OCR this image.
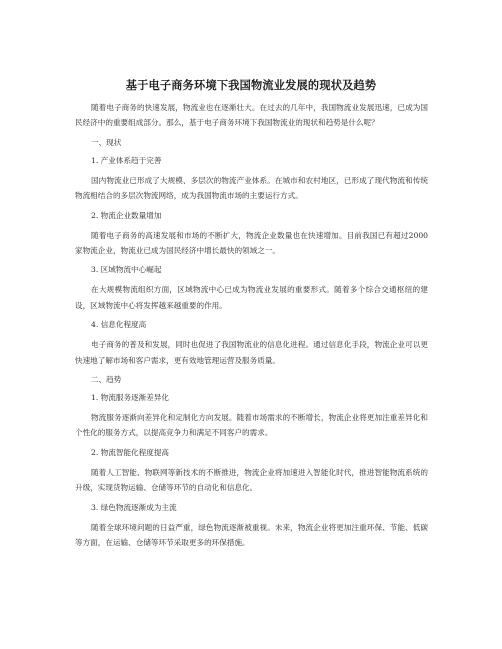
基于电子商务环境下我国物流业发展的现状及趋势
随着电子商务的快速发展，物流业也在逐渐壮大。在过去的几年中，我国物流业发展迅速，已成为国民经济中的重要组成部分。那么，基于电子商务环境下我国物流业的现状和趋势是什么呢？
一、现状
1. 产业体系趋于完善
国内物流业已形成了大规模、多层次的物流产业体系。在城市和农村地区，已形成了现代物流和传统物流相结合的多层次物流网络，成为我国物流市场的主要运行方式。
2. 物流企业数量增加
随着电子商务的高速发展和市场的不断扩大，物流企业数量也在快速增加。目前我国已有超过2000家物流企业，物流业已成为国民经济中增长最快的领域之一。
3. 区域物流中心崛起
在大规模物流组织方面，区域物流中心已成为物流业发展的重要形式。随着多个综合交通枢纽的建设，区域物流中心将发挥越来越重要的作用。
4. 信息化程度高
电子商务的普及和发展，同时也促进了我国物流业的信息化进程。通过信息化手段，物流企业可以更快速地了解市场和客户需求，更有效地管理运营及服务质量。
二、趋势
1. 物流服务逐渐差异化
物流服务逐渐向差异化和定制化方向发展。随着市场需求的不断增长，物流企业将更加注重差异化和个性化的服务方式，以提高竞争力和满足不同客户的需求。
2. 物流智能化程度提高
随着人工智能、物联网等新技术的不断推进，物流企业将加速进入智能化时代，推进智能物流系统的升级，实现货物运输、仓储等环节的自动化和信息化。
3. 绿色物流逐渐成为主流
随着全球环境问题的日益严重，绿色物流逐渐被重视。未来，物流企业将更加注重环保、节能、低碳等方面，在运输、仓储等环节采取更多的环保措施。
